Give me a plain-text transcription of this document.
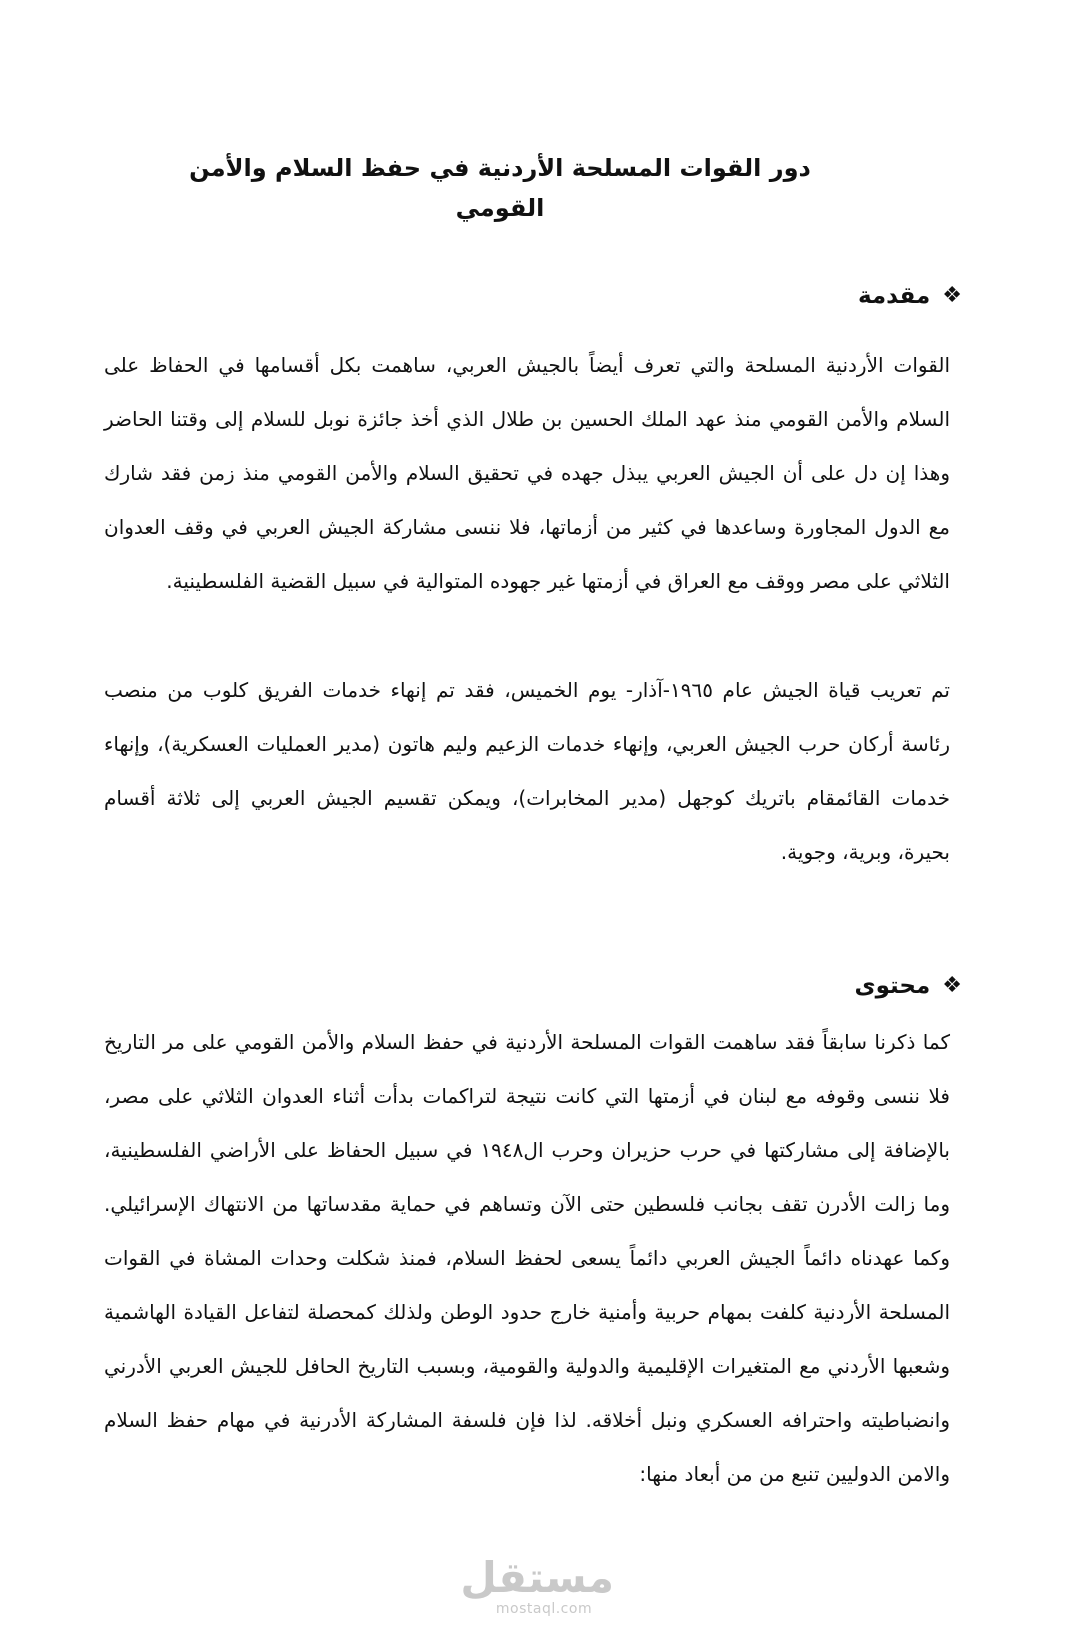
دور القوات المسلحة الأردنية في حفظ السلام والأمن القومي
❖
مقدمة

القوات الأردنية المسلحة والتي تعرف أيضاً بالجيش العربي، ساهمت بكل أقسامها في الحفاظ على السلام والأمن القومي منذ عهد الملك الحسين بن طلال الذي أخذ جائزة نوبل للسلام إلى وقتنا الحاضر وهذا إن دل على أن الجيش العربي يبذل جهده في تحقيق السلام والأمن القومي منذ زمن فقد شارك مع الدول المجاورة وساعدها في كثير من أزماتها، فلا ننسى مشاركة الجيش العربي في وقف العدوان الثلاثي على مصر ووقف مع العراق في أزمتها غير جهوده المتوالية في سبيل القضية الفلسطينية.

تم تعريب قياة الجيش عام ١٩٦٥-آذار- يوم الخميس، فقد تم إنهاء خدمات الفريق كلوب من منصب رئاسة أركان حرب الجيش العربي، وإنهاء خدمات الزعيم وليم هاتون (مدير العمليات العسكرية)، وإنهاء خدمات القائمقام باتريك كوجهل (مدير المخابرات)، ويمكن تقسيم الجيش العربي إلى ثلاثة أقسام بحيرة، وبرية، وجوية.

❖
محتوى

كما ذكرنا سابقاً فقد ساهمت القوات المسلحة الأردنية في حفظ السلام والأمن القومي على مر التاريخ فلا ننسى وقوفه مع لبنان في أزمتها التي كانت نتيجة لتراكمات بدأت أثناء العدوان الثلاثي على مصر، بالإضافة إلى مشاركتها في حرب حزيران وحرب ال١٩٤٨ في سبيل الحفاظ على الأراضي الفلسطينية، وما زالت الأدرن تقف بجانب فلسطين حتى الآن وتساهم في حماية مقدساتها من الانتهاك الإسرائيلي. وكما عهدناه دائماً الجيش العربي دائماً يسعى لحفظ السلام، فمنذ شكلت وحدات المشاة في القوات المسلحة الأردنية كلفت بمهام حربية وأمنية خارج حدود الوطن ولذلك كمحصلة لتفاعل القيادة الهاشمية وشعبها الأردني مع المتغيرات الإقليمية والدولية والقومية، وبسبب التاريخ الحافل للجيش العربي الأدرني وانضباطيته واحترافه العسكري ونبل أخلاقه. لذا فإن فلسفة المشاركة الأدرنية في مهام حفظ السلام والامن الدوليين تنبع من من أبعاد منها:

مستقل
mostaql.com
